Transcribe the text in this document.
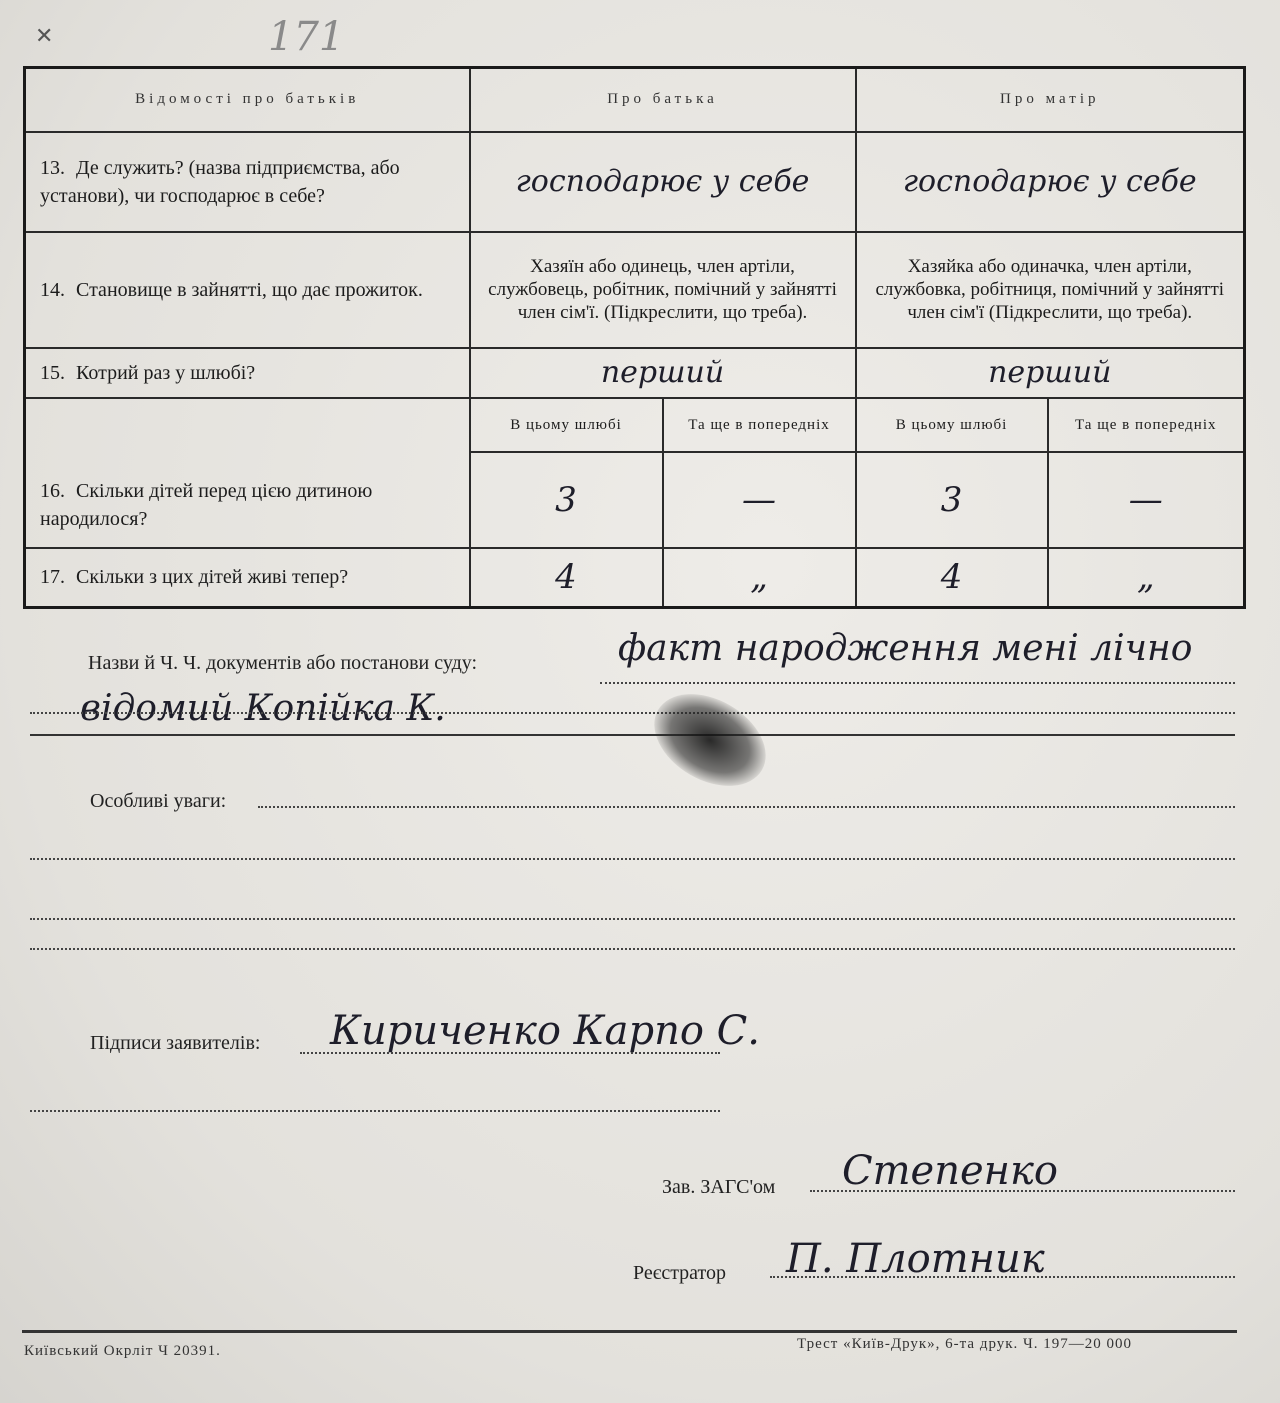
✕	171
Відомості про батьків	Про батька		Про матір	
13. Де служить? (назва підприємства, або установи), чи господарює в себе?	господарює у себе		господарює у себе	
14. Становище в зайнятті, що дає прожиток.	Хазяїн або одинець, член артіли, службовець, робітник, помічний у зайнятті член сім'ї. (Підкреслити, що треба).		Хазяйка або одиначка, член артіли, службовка, робітниця, помічний у зайнятті член сім'ї (Підкреслити, що треба).	
15. Котрий раз у шлюбі?	перший		перший	
16. Скільки дітей перед цією дитиною народилося?	В цьому шлюбі	Та ще в попередніх	В цьому шлюбі	Та ще в попередніх
	3	—	3	—
17. Скільки з цих дітей живі тепер?	4	„	4	„
Назви й Ч. Ч. документів або постанови суду:	факт народження мені лічно
відомий Копійка К.
Особливі уваги:
Підписи заявителів: Кириченко Карпо С.
Зав. ЗАГС'ом Степенко
Реєстратор П. Плотник
Київський Окрліт Ч 20391.	Трест «Київ-Друк», 6-та друк. Ч. 197—20 000
